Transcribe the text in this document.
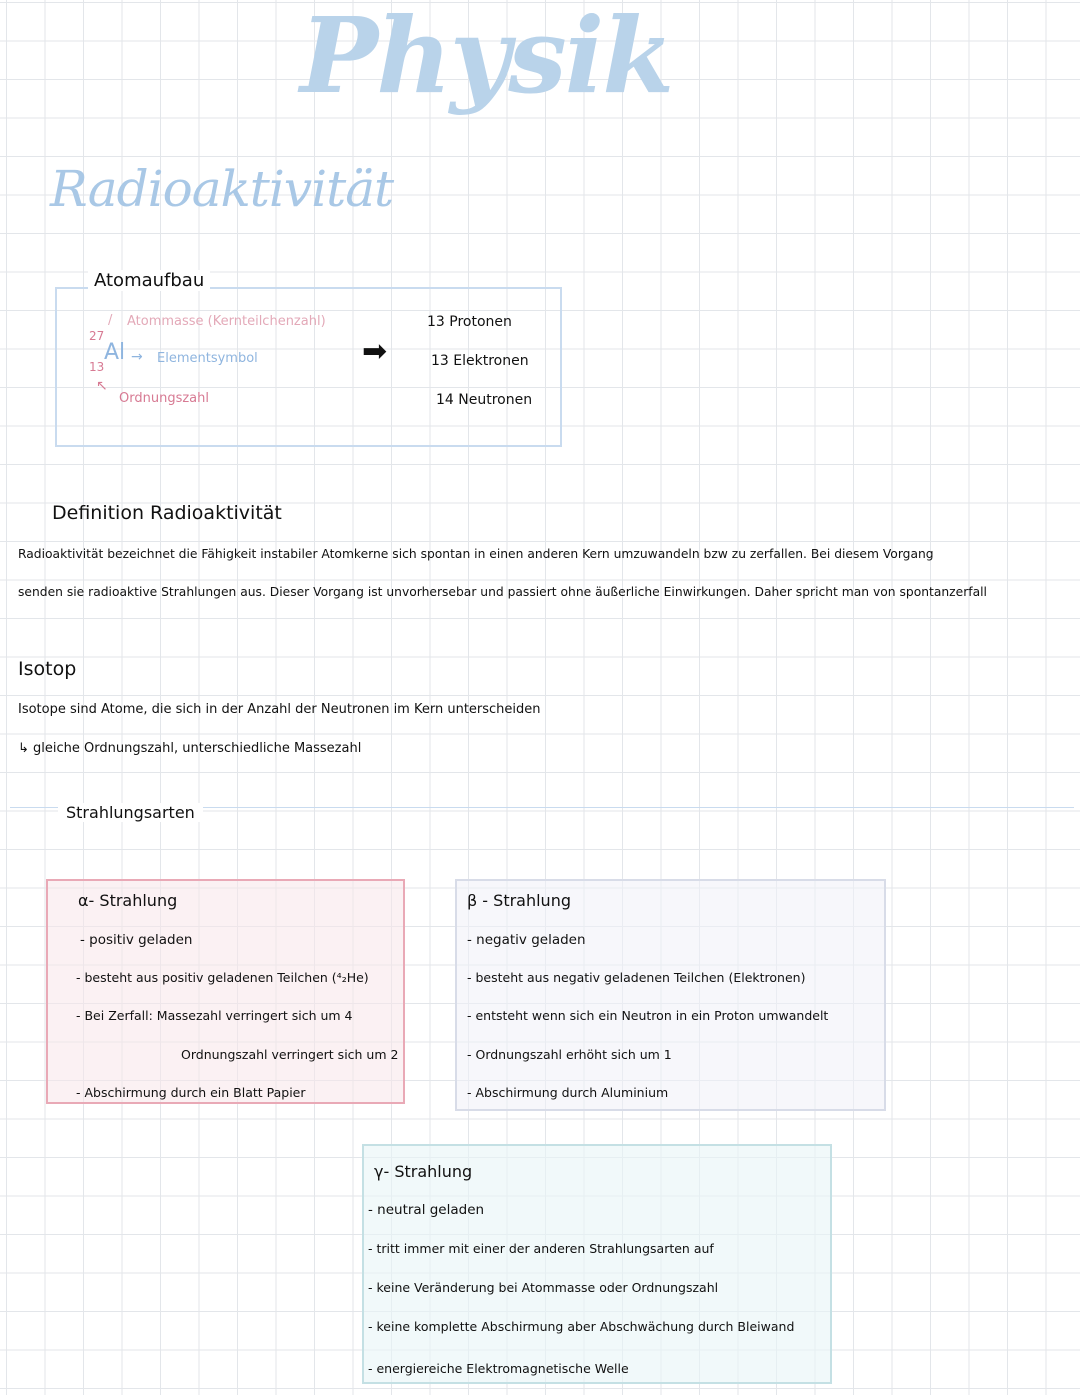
Physik
Radioaktivität
Atomaufbau
27
13
Al
/ Atommasse (Kernteilchenzahl)
→ Elementsymbol
↖
Ordnungszahl
➡
13 Protonen
13 Elektronen
14 Neutronen
Definition Radioaktivität
Radioaktivität bezeichnet die Fähigkeit instabiler Atomkerne sich spontan in einen anderen Kern umzuwandeln bzw zu zerfallen. Bei diesem Vorgang
senden sie radioaktive Strahlungen aus. Dieser Vorgang ist unvorhersebar und passiert ohne äußerliche Einwirkungen. Daher spricht man von spontanzerfall
Isotop
Isotope sind Atome, die sich in der Anzahl der Neutronen im Kern unterscheiden
↳ gleiche Ordnungszahl, unterschiedliche Massezahl
Strahlungsarten
α- Strahlung
- positiv geladen
- besteht aus positiv geladenen Teilchen (⁴₂He)
- Bei Zerfall: Massezahl verringert sich um 4
Ordnungszahl verringert sich um 2
- Abschirmung durch ein Blatt Papier
β - Strahlung
- negativ geladen
- besteht aus negativ geladenen Teilchen (Elektronen)
- entsteht wenn sich ein Neutron in ein Proton umwandelt
- Ordnungszahl erhöht sich um 1
- Abschirmung durch Aluminium
γ- Strahlung
- neutral geladen
- tritt immer mit einer der anderen Strahlungsarten auf
- keine Veränderung bei Atommasse oder Ordnungszahl
- keine komplette Abschirmung aber Abschwächung durch Bleiwand
- energiereiche Elektromagnetische Welle
